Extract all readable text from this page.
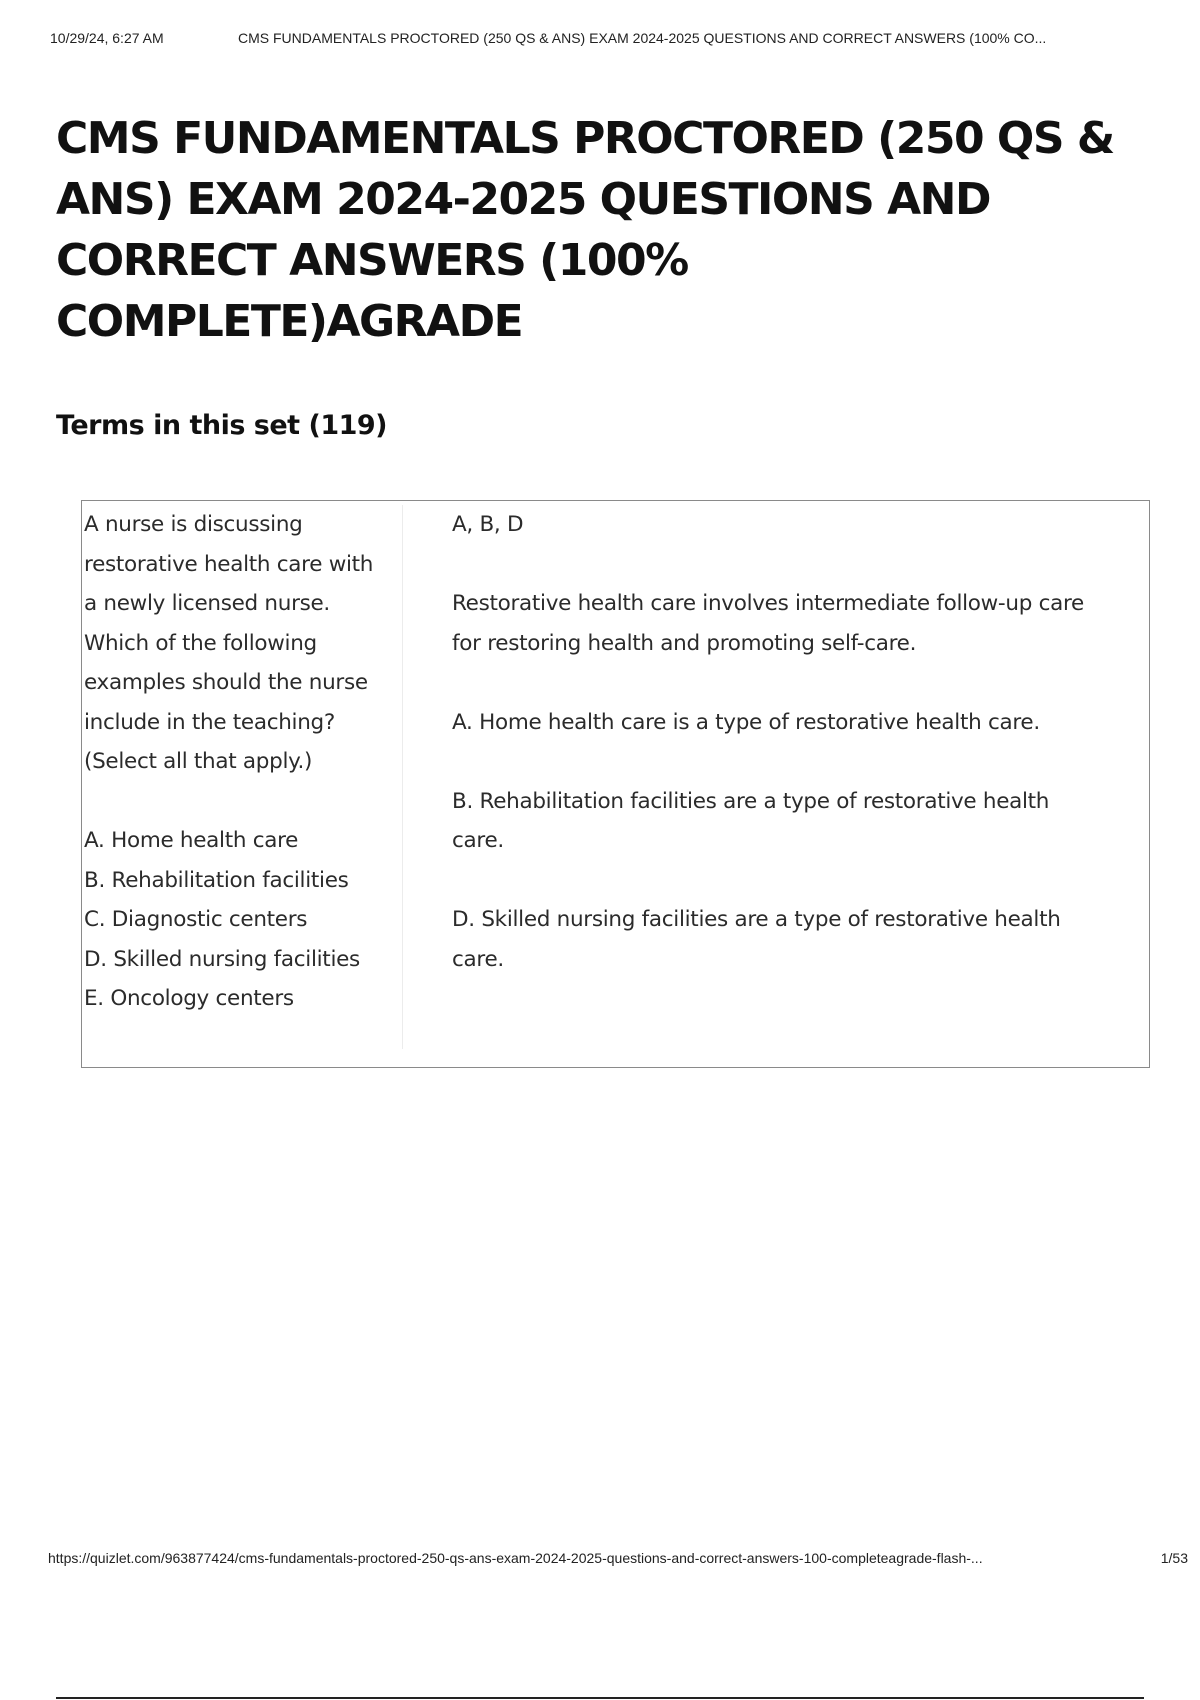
10/29/24, 6:27 AM	CMS FUNDAMENTALS PROCTORED (250 QS & ANS) EXAM 2024-2025 QUESTIONS AND CORRECT ANSWERS (100% CO...
CMS FUNDAMENTALS PROCTORED (250 QS & ANS) EXAM 2024-2025 QUESTIONS AND CORRECT ANSWERS (100% COMPLETE)AGRADE
Terms in this set (119)

A nurse is discussing restorative health care with a newly licensed nurse. Which of the following examples should the nurse include in the teaching? (Select all that apply.)

A. Home health care

B. Rehabilitation facilities

C. Diagnostic centers

D. Skilled nursing facilities

E. Oncology centers

A, B, D

Restorative health care involves intermediate follow-up care for restoring health and promoting self-care.

A. Home health care is a type of restorative health care.

B. Rehabilitation facilities are a type of restorative health care.

D. Skilled nursing facilities are a type of restorative health care.

https://quizlet.com/963877424/cms-fundamentals-proctored-250-qs-ans-exam-2024-2025-questions-and-correct-answers-100-completeagrade-flash-...	1/53
